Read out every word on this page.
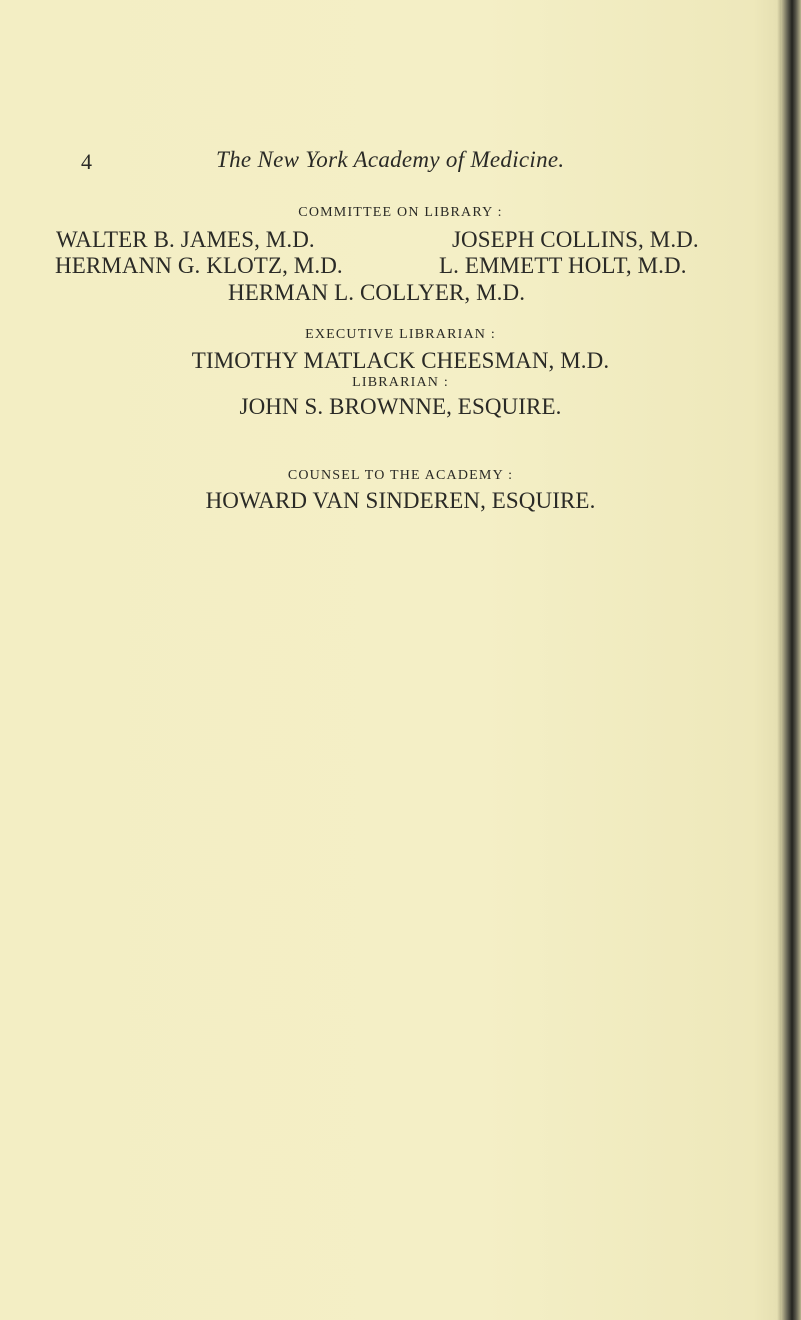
4	The New York Academy of Medicine.
COMMITTEE ON LIBRARY :
WALTER B. JAMES, M.D.	JOSEPH COLLINS, M.D.
HERMANN G. KLOTZ, M.D.	L. EMMETT HOLT, M.D.
HERMAN L. COLLYER, M.D.
EXECUTIVE LIBRARIAN :
TIMOTHY MATLACK CHEESMAN, M.D.
LIBRARIAN :
JOHN S. BROWNNE, ESQUIRE.
COUNSEL TO THE ACADEMY :
HOWARD VAN SINDEREN, ESQUIRE.
